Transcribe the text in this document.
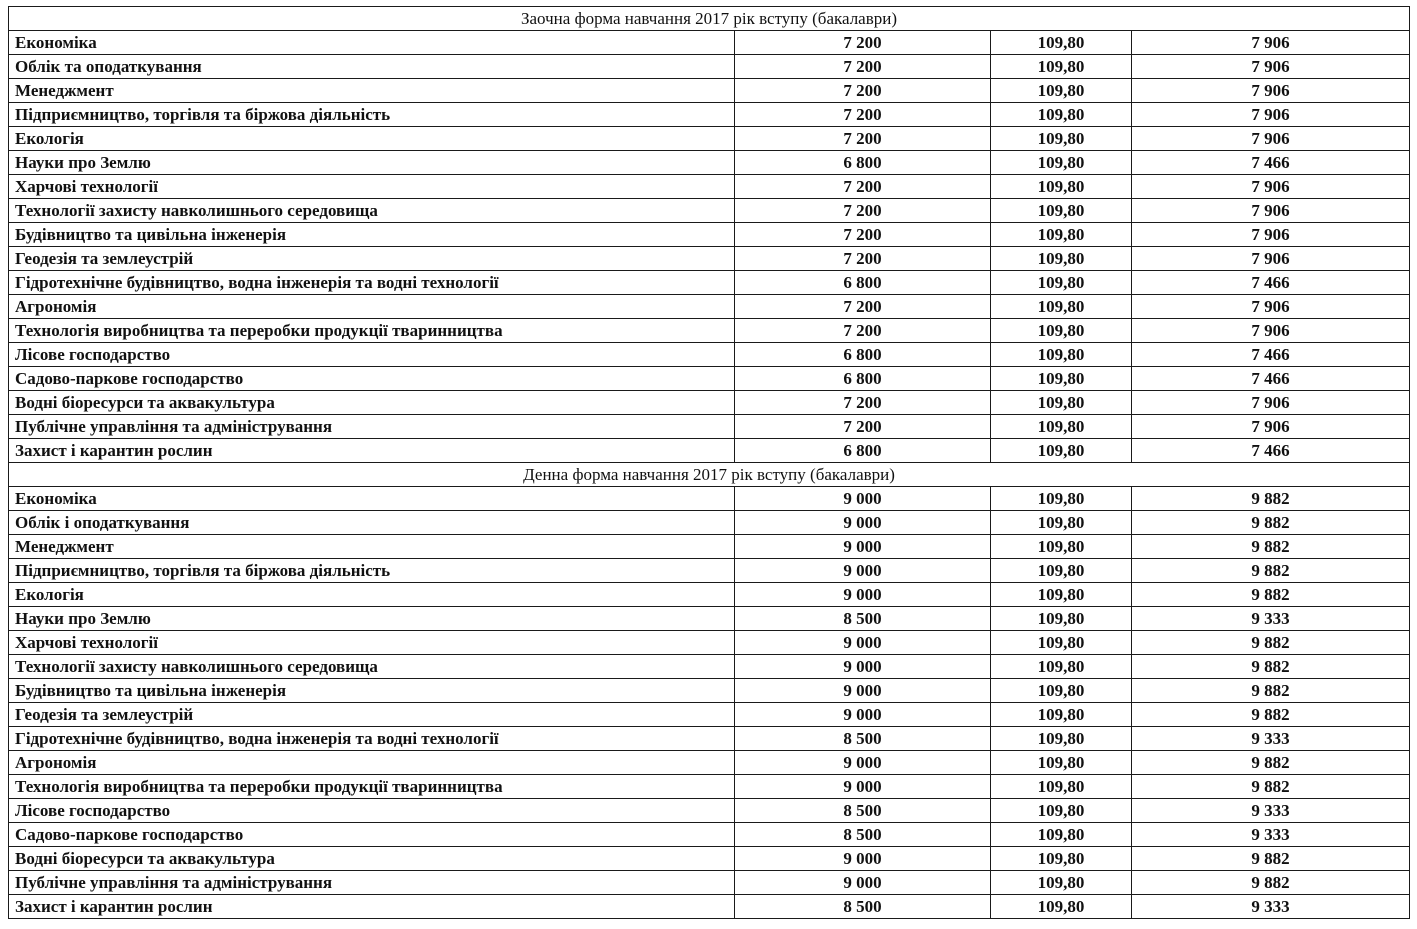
Заочна форма навчання 2017 рік вступу (бакалаври)			
Економіка	7 200	109,80	7 906
Облік та оподаткування	7 200	109,80	7 906
Менеджмент	7 200	109,80	7 906
Підприємництво, торгівля та біржова діяльність	7 200	109,80	7 906
Екологія	7 200	109,80	7 906
Науки про Землю	6 800	109,80	7 466
Харчові технології	7 200	109,80	7 906
Технології захисту навколишнього середовища	7 200	109,80	7 906
Будівництво та цивільна інженерія	7 200	109,80	7 906
Геодезія та землеустрій	7 200	109,80	7 906
Гідротехнічне будівництво, водна інженерія та водні технології	6 800	109,80	7 466
Агрономія	7 200	109,80	7 906
Технологія виробництва та переробки продукції тваринництва	7 200	109,80	7 906
Лісове господарство	6 800	109,80	7 466
Садово-паркове господарство	6 800	109,80	7 466
Водні біоресурси та аквакультура	7 200	109,80	7 906
Публічне управління та адміністрування	7 200	109,80	7 906
Захист і карантин рослин	6 800	109,80	7 466
Денна форма навчання 2017 рік вступу (бакалаври)			
Економіка	9 000	109,80	9 882
Облік і оподаткування	9 000	109,80	9 882
Менеджмент	9 000	109,80	9 882
Підприємництво, торгівля та біржова діяльність	9 000	109,80	9 882
Екологія	9 000	109,80	9 882
Науки про Землю	8 500	109,80	9 333
Харчові технології	9 000	109,80	9 882
Технології захисту навколишнього середовища	9 000	109,80	9 882
Будівництво та цивільна інженерія	9 000	109,80	9 882
Геодезія та землеустрій	9 000	109,80	9 882
Гідротехнічне будівництво, водна інженерія та водні технології	8 500	109,80	9 333
Агрономія	9 000	109,80	9 882
Технологія виробництва та переробки продукції тваринництва	9 000	109,80	9 882
Лісове господарство	8 500	109,80	9 333
Садово-паркове господарство	8 500	109,80	9 333
Водні біоресурси та аквакультура	9 000	109,80	9 882
Публічне управління та адміністрування	9 000	109,80	9 882
Захист і карантин рослин	8 500	109,80	9 333
